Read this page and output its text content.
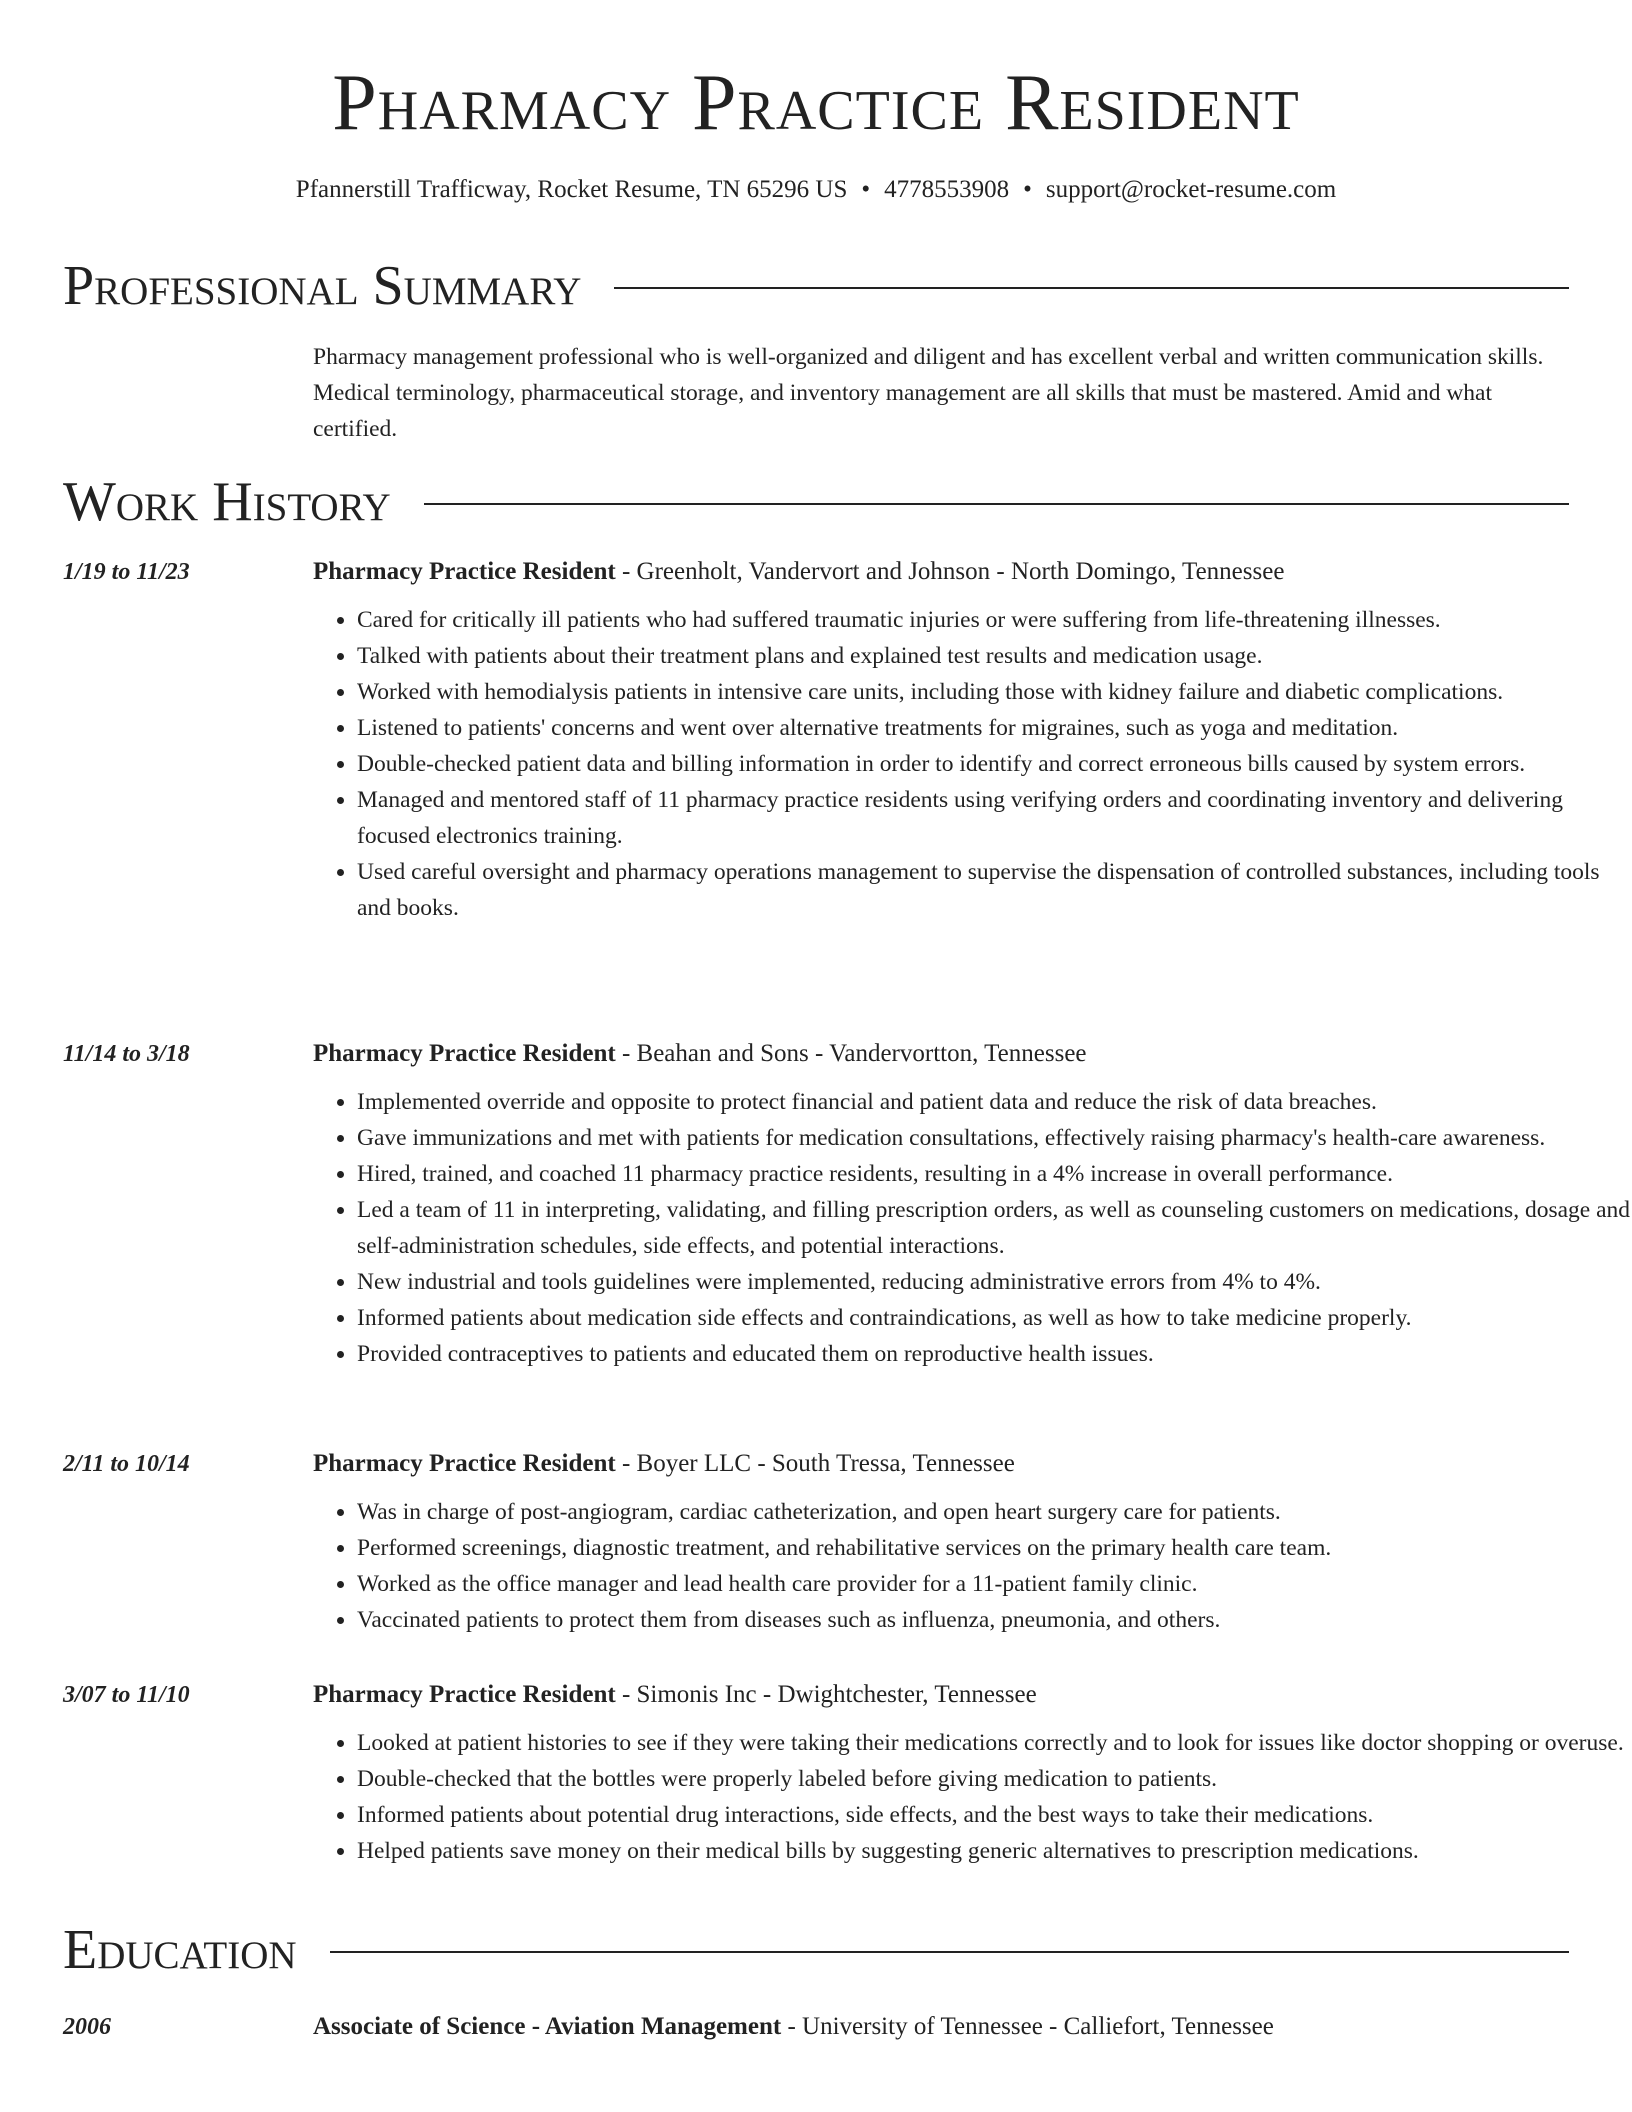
Pharmacy Practice Resident
Pfannerstill Trafficway, Rocket Resume, TN 65296 US • 4778553908 • support@rocket-resume.com
Professional Summary
Pharmacy management professional who is well-organized and diligent and has excellent verbal and written communication skills. Medical terminology, pharmaceutical storage, and inventory management are all skills that must be mastered. Amid and what certified.
Work History
1/19 to 11/23	Pharmacy Practice Resident - Greenholt, Vandervort and Johnson - North Domingo, Tennessee
• Cared for critically ill patients who had suffered traumatic injuries or were suffering from life-threatening illnesses.
• Talked with patients about their treatment plans and explained test results and medication usage.
• Worked with hemodialysis patients in intensive care units, including those with kidney failure and diabetic complications.
• Listened to patients' concerns and went over alternative treatments for migraines, such as yoga and meditation.
• Double-checked patient data and billing information in order to identify and correct erroneous bills caused by system errors.
• Managed and mentored staff of 11 pharmacy practice residents using verifying orders and coordinating inventory and delivering focused electronics training.
• Used careful oversight and pharmacy operations management to supervise the dispensation of controlled substances, including tools and books.
11/14 to 3/18	Pharmacy Practice Resident - Beahan and Sons - Vandervortton, Tennessee
• Implemented override and opposite to protect financial and patient data and reduce the risk of data breaches.
• Gave immunizations and met with patients for medication consultations, effectively raising pharmacy's health-care awareness.
• Hired, trained, and coached 11 pharmacy practice residents, resulting in a 4% increase in overall performance.
• Led a team of 11 in interpreting, validating, and filling prescription orders, as well as counseling customers on medications, dosage and self-administration schedules, side effects, and potential interactions.
• New industrial and tools guidelines were implemented, reducing administrative errors from 4% to 4%.
• Informed patients about medication side effects and contraindications, as well as how to take medicine properly.
• Provided contraceptives to patients and educated them on reproductive health issues.
2/11 to 10/14	Pharmacy Practice Resident - Boyer LLC - South Tressa, Tennessee
• Was in charge of post-angiogram, cardiac catheterization, and open heart surgery care for patients.
• Performed screenings, diagnostic treatment, and rehabilitative services on the primary health care team.
• Worked as the office manager and lead health care provider for a 11-patient family clinic.
• Vaccinated patients to protect them from diseases such as influenza, pneumonia, and others.
3/07 to 11/10	Pharmacy Practice Resident - Simonis Inc - Dwightchester, Tennessee
• Looked at patient histories to see if they were taking their medications correctly and to look for issues like doctor shopping or overuse.
• Double-checked that the bottles were properly labeled before giving medication to patients.
• Informed patients about potential drug interactions, side effects, and the best ways to take their medications.
• Helped patients save money on their medical bills by suggesting generic alternatives to prescription medications.
Education
2006	Associate of Science - Aviation Management - University of Tennessee - Calliefort, Tennessee
